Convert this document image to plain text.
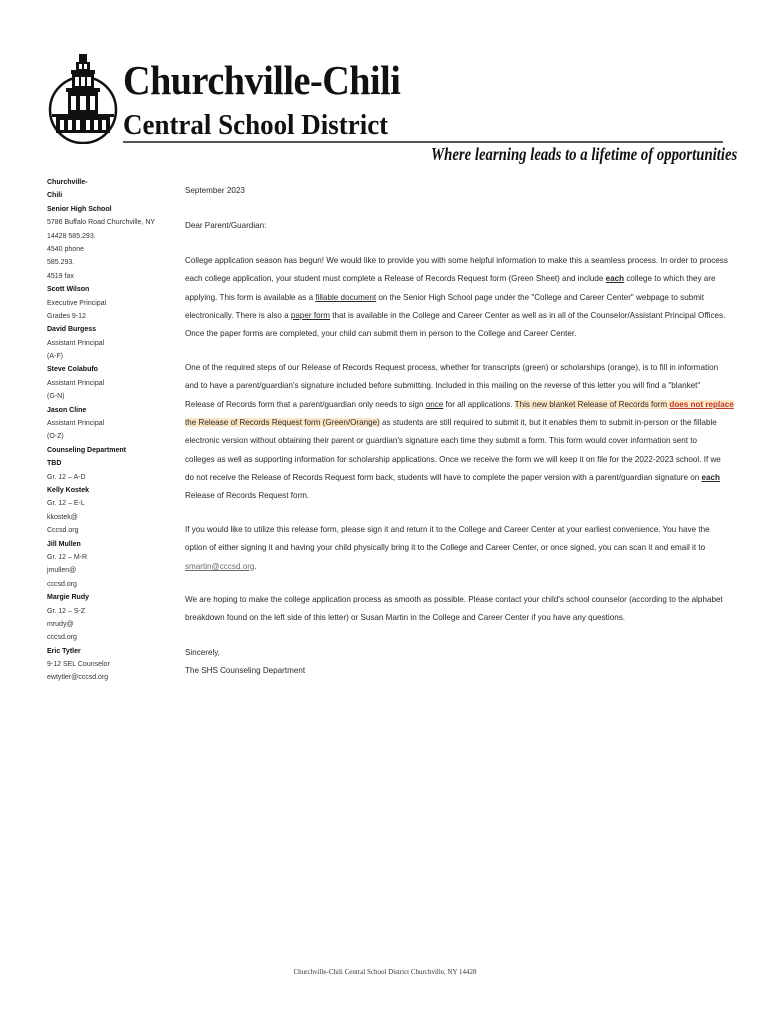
Churchville-Chili
Central School District
Where learning leads to a lifetime of opportunities
Churchville-
Chili
Senior High School
5786 Buffalo Road Churchville, NY
14428 585.293.
4540 phone
585.293.
4519 fax
Scott Wilson
Executive Principal
Grades 9-12
David Burgess
Assistant Principal
(A-F)
Steve Colabufo
Assistant Principal
(G-N)
Jason Cline
Assistant Principal
(O-Z)
Counseling Department
TBD
Gr. 12 – A-D
Kelly Kostek
Gr. 12 – E-L
kkostek@
Cccsd.org
Jill Mullen
Gr. 12 – M-R
jmullen@
cccsd.org
Margie Rudy
Gr. 12 – S-Z
mrudy@
cccsd.org
Eric Tytler
9-12 SEL Counselor
ewtytler@cccsd.org
September 2023
Dear Parent/Guardian:
College application season has begun! We would like to provide you with some helpful information to make this a seamless process. In order to process
each college application, your student must complete a Release of Records Request form (Green Sheet) and include each college to which they are
applying. This form is available as a fillable document on the Senior High School page under the "College and Career Center" webpage to submit
electronically. There is also a paper form that is available in the College and Career Center as well as in all of the Counselor/Assistant Principal Offices.
Once the paper forms are completed, your child can submit them in person to the College and Career Center.
One of the required steps of our Release of Records Request process, whether for transcripts (green) or scholarships (orange), is to fill in information
and to have a parent/guardian's signature included before submitting. Included in this mailing on the reverse of this letter you will find a "blanket"
Release of Records form that a parent/guardian only needs to sign once for all applications. This new blanket Release of Records form does not replace
the Release of Records Request form (Green/Orange) as students are still required to submit it, but it enables them to submit in-person or the fillable
electronic version without obtaining their parent or guardian's signature each time they submit a form. This form would cover information sent to
colleges as well as supporting information for scholarship applications. Once we receive the form we will keep it on file for the 2022-2023 school. If we
do not receive the Release of Records Request form back, students will have to complete the paper version with a parent/guardian signature on each
Release of Records Request form.
If you would like to utilize this release form, please sign it and return it to the College and Career Center at your earliest convenience. You have the
option of either signing it and having your child physically bring it to the College and Career Center, or once signed, you can scan it and email it to
smartin@cccsd.org.
We are hoping to make the college application process as smooth as possible. Please contact your child's school counselor (according to the alphabet
breakdown found on the left side of this letter) or Susan Martin in the College and Career Center if you have any questions.
Sincerely,
The SHS Counseling Department
Churchville-Chili Central School District Churchville, NY 14428
